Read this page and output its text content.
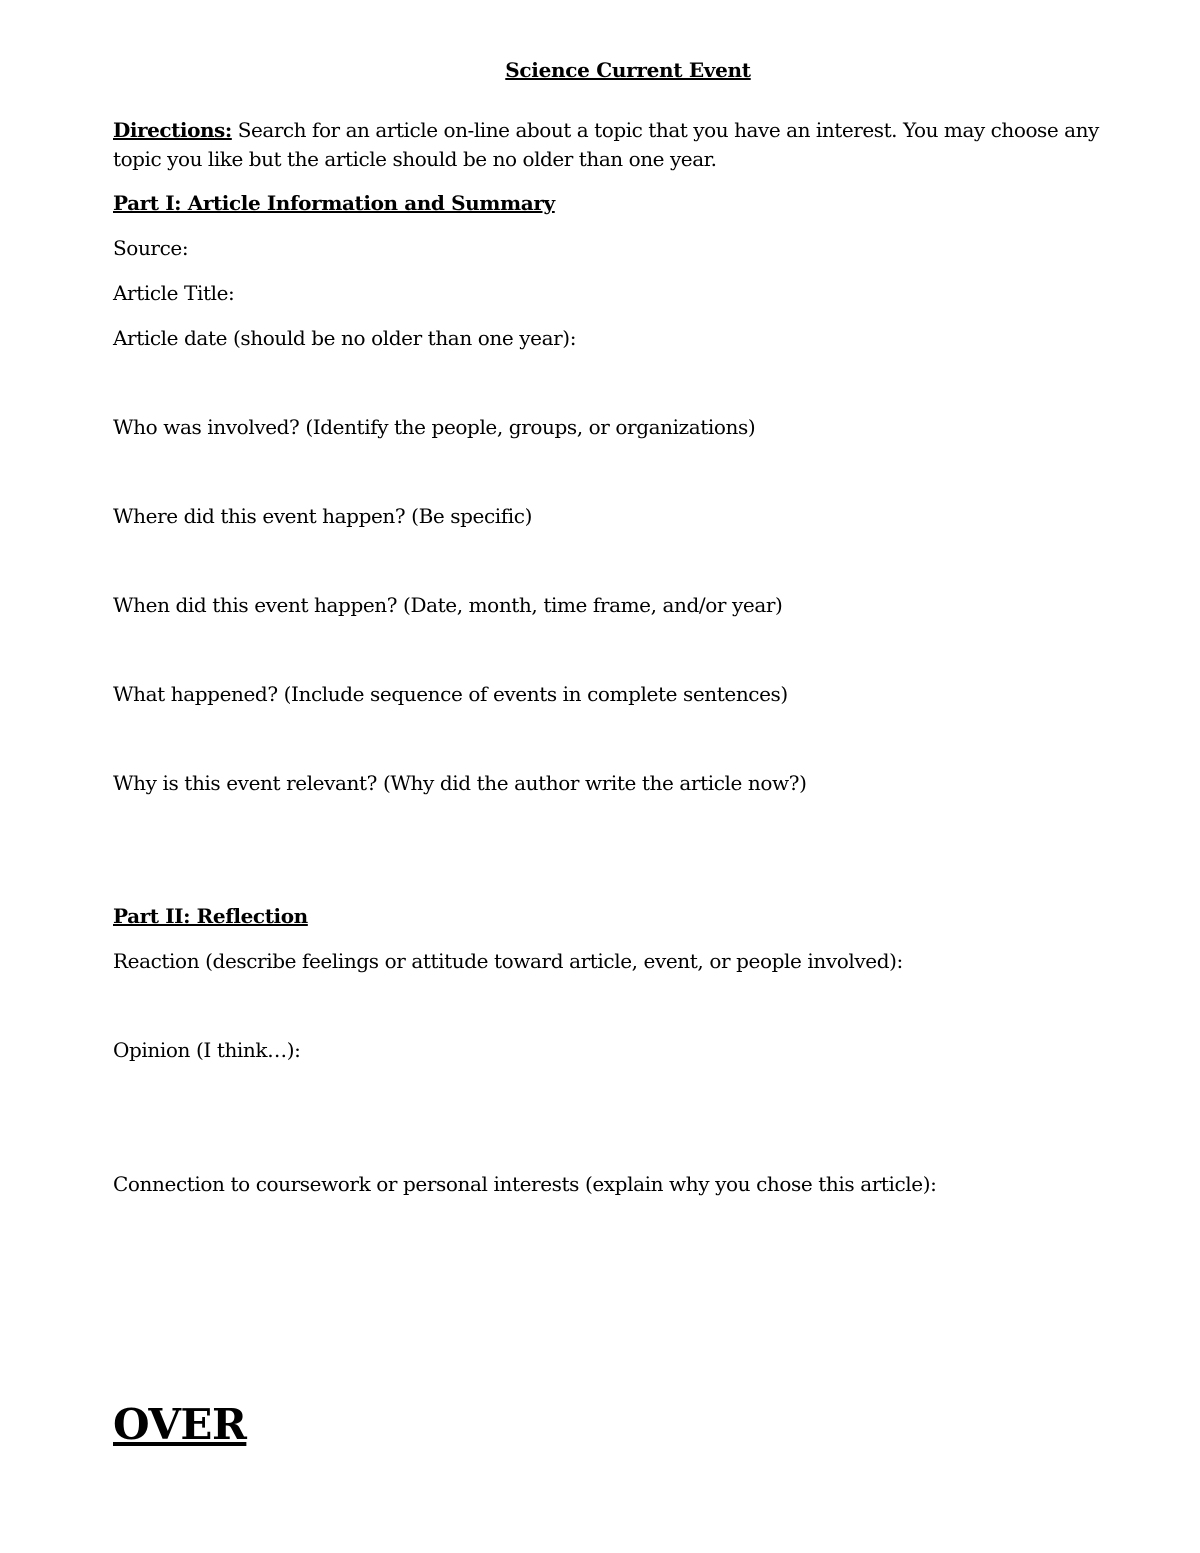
Science Current Event
Directions: Search for an article on-line about a topic that you have an interest. You may choose any topic you like but the article should be no older than one year.
Part I: Article Information and Summary
Source:
Article Title:
Article date (should be no older than one year):
Who was involved? (Identify the people, groups, or organizations)
Where did this event happen? (Be specific)
When did this event happen? (Date, month, time frame, and/or year)
What happened? (Include sequence of events in complete sentences)
Why is this event relevant? (Why did the author write the article now?)
Part II: Reflection
Reaction (describe feelings or attitude toward article, event, or people involved):
Opinion (I think…):
Connection to coursework or personal interests (explain why you chose this article):
OVER
